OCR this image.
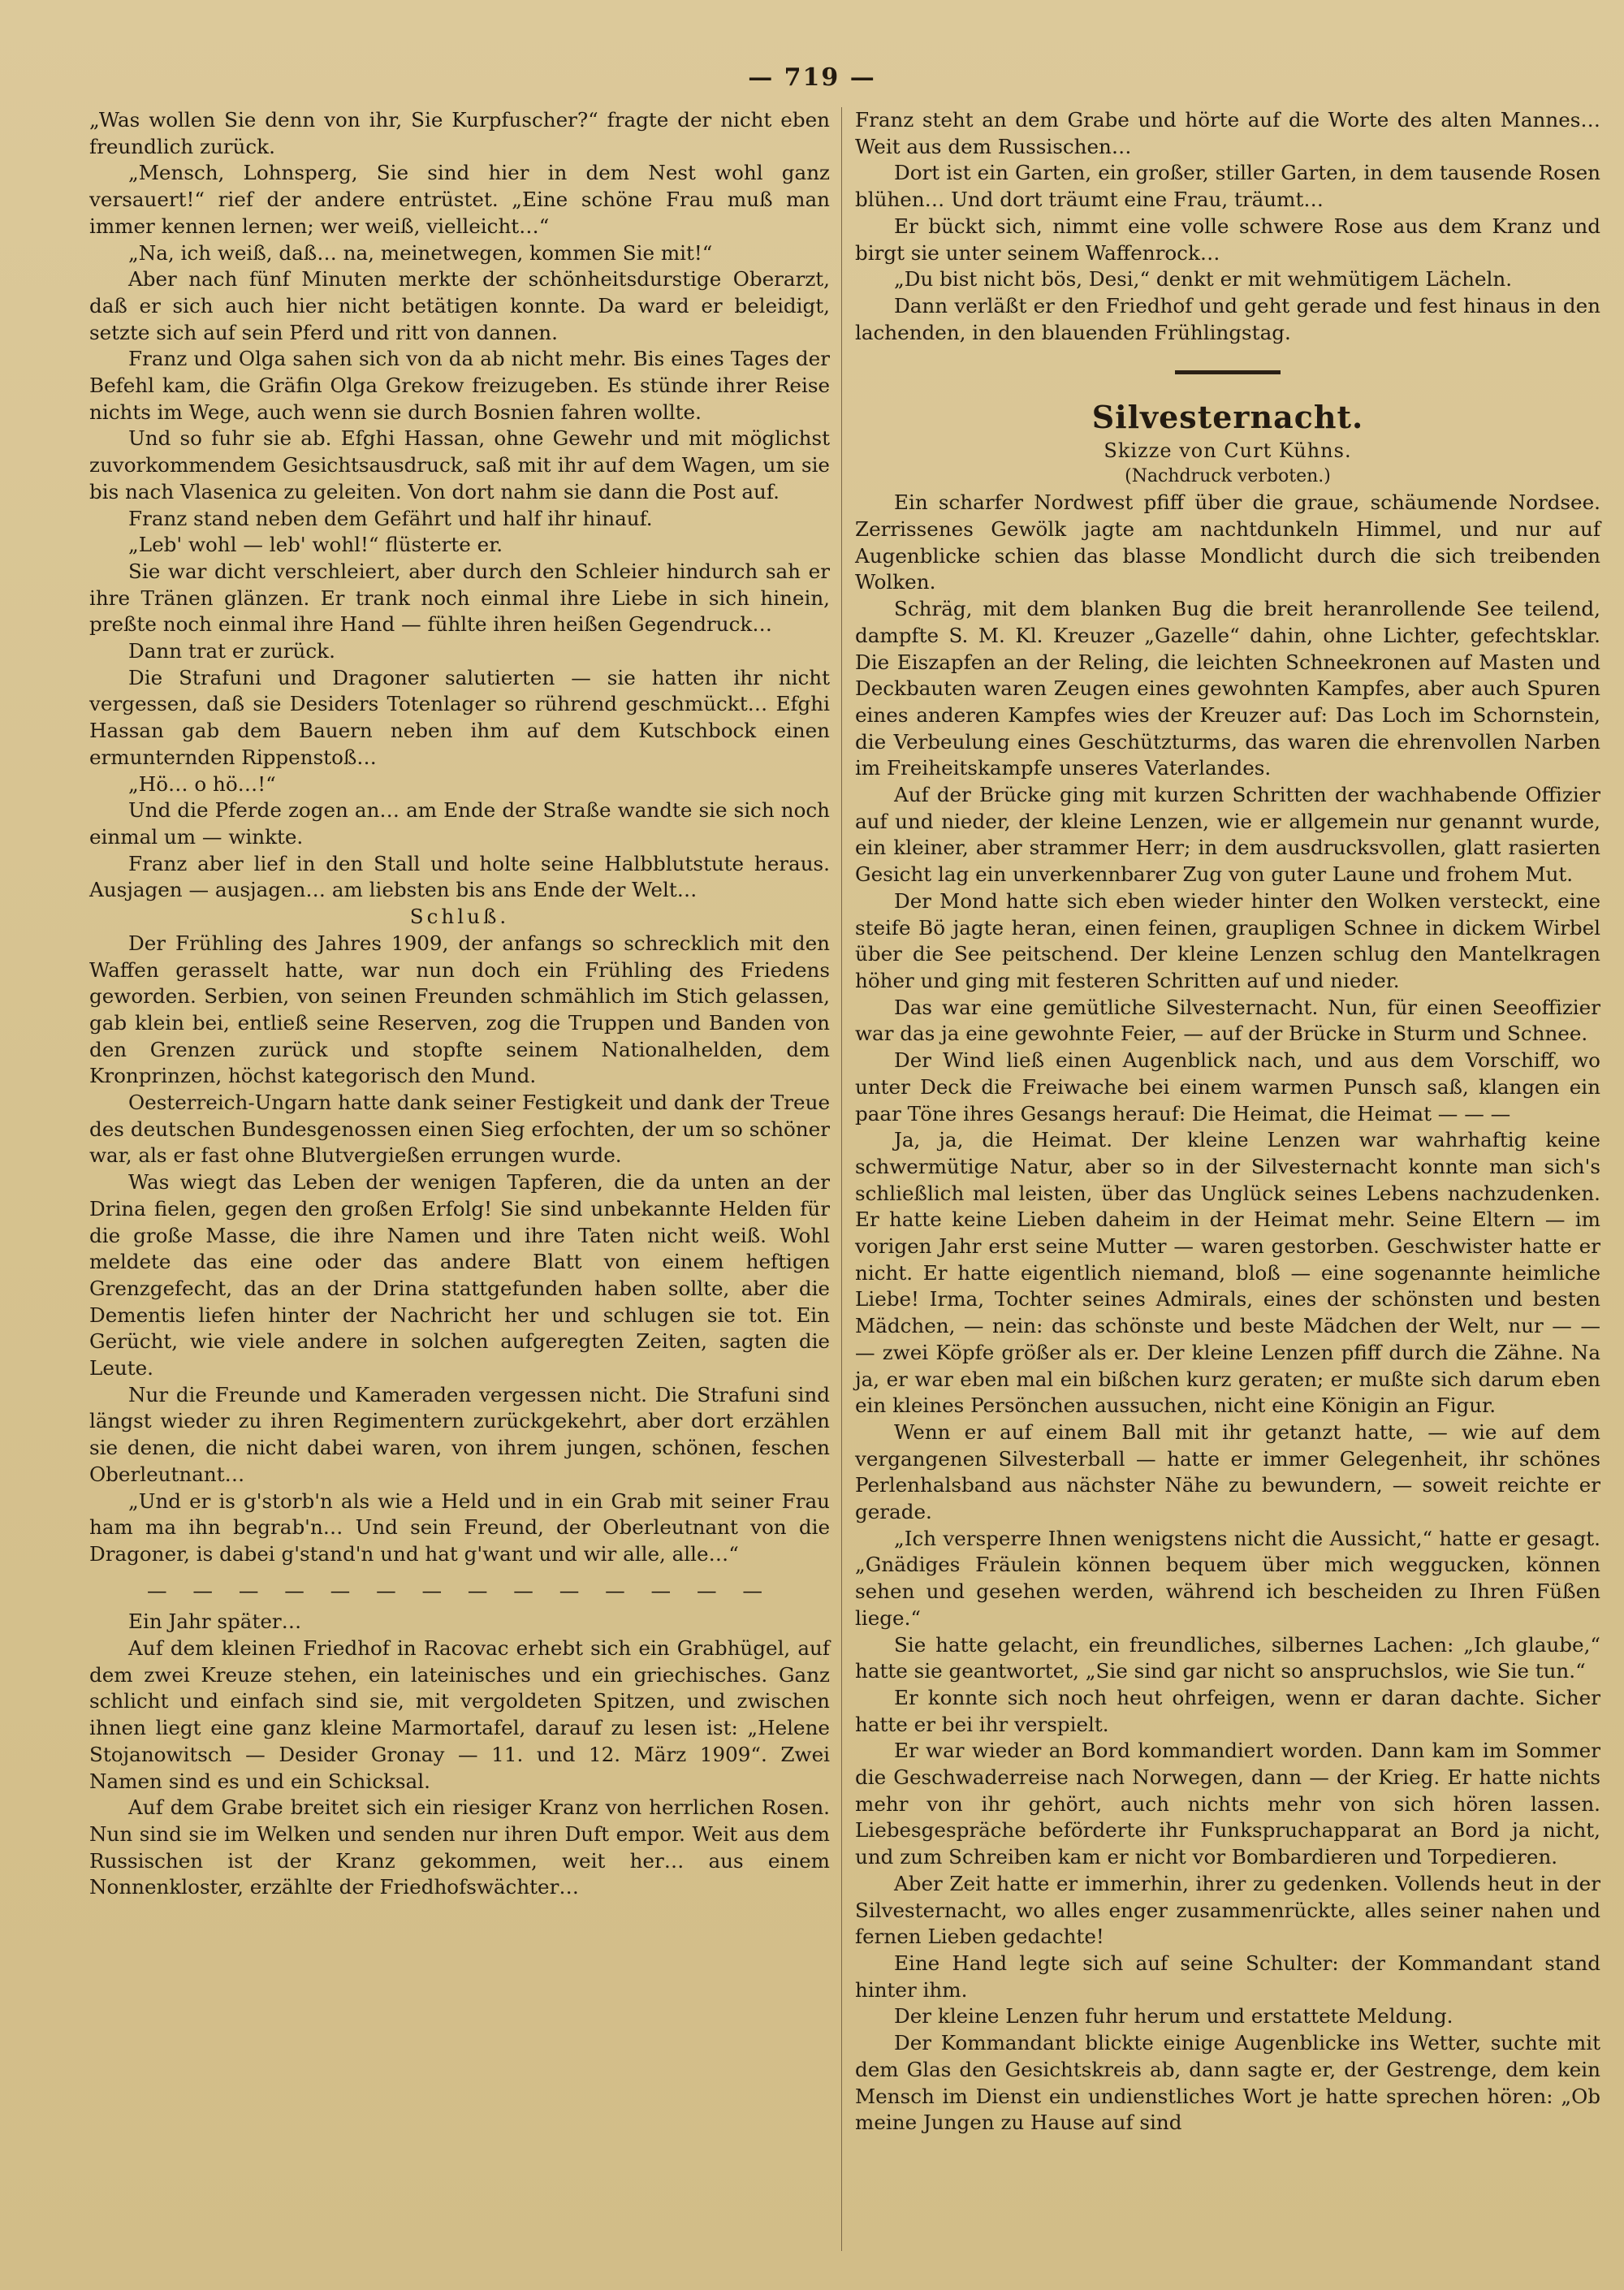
— 719 —

„Was wollen Sie denn von ihr, Sie Kurpfuscher?“ fragte der nicht eben freundlich zurück.

„Mensch, Lohnsperg, Sie sind hier in dem Nest wohl ganz versauert!“ rief der andere entrüstet. „Eine schöne Frau muß man immer kennen lernen; wer weiß, vielleicht…“

„Na, ich weiß, daß… na, meinetwegen, kommen Sie mit!“

Aber nach fünf Minuten merkte der schönheitsdurstige Oberarzt, daß er sich auch hier nicht betätigen konnte. Da ward er beleidigt, setzte sich auf sein Pferd und ritt von dannen.

Franz und Olga sahen sich von da ab nicht mehr. Bis eines Tages der Befehl kam, die Gräfin Olga Grekow freizugeben. Es stünde ihrer Reise nichts im Wege, auch wenn sie durch Bosnien fahren wollte.

Und so fuhr sie ab. Efghi Hassan, ohne Gewehr und mit möglichst zuvorkommendem Gesichtsausdruck, saß mit ihr auf dem Wagen, um sie bis nach Vlasenica zu geleiten. Von dort nahm sie dann die Post auf.

Franz stand neben dem Gefährt und half ihr hinauf.

„Leb' wohl — leb' wohl!“ flüsterte er.

Sie war dicht verschleiert, aber durch den Schleier hindurch sah er ihre Tränen glänzen. Er trank noch einmal ihre Liebe in sich hinein, preßte noch einmal ihre Hand — fühlte ihren heißen Gegendruck…

Dann trat er zurück.

Die Strafuni und Dragoner salutierten — sie hatten ihr nicht vergessen, daß sie Desiders Totenlager so rührend geschmückt… Efghi Hassan gab dem Bauern neben ihm auf dem Kutschbock einen ermunternden Rippenstoß…

„Hö… o hö…!“

Und die Pferde zogen an… am Ende der Straße wandte sie sich noch einmal um — winkte.

Franz aber lief in den Stall und holte seine Halbblutstute heraus. Ausjagen — ausjagen… am liebsten bis ans Ende der Welt…

Schluß.

Der Frühling des Jahres 1909, der anfangs so schrecklich mit den Waffen gerasselt hatte, war nun doch ein Frühling des Friedens geworden. Serbien, von seinen Freunden schmählich im Stich gelassen, gab klein bei, entließ seine Reserven, zog die Truppen und Banden von den Grenzen zurück und stopfte seinem Nationalhelden, dem Kronprinzen, höchst kategorisch den Mund.

Oesterreich-Ungarn hatte dank seiner Festigkeit und dank der Treue des deutschen Bundesgenossen einen Sieg erfochten, der um so schöner war, als er fast ohne Blutvergießen errungen wurde.

Was wiegt das Leben der wenigen Tapferen, die da unten an der Drina fielen, gegen den großen Erfolg! Sie sind unbekannte Helden für die große Masse, die ihre Namen und ihre Taten nicht weiß. Wohl meldete das eine oder das andere Blatt von einem heftigen Grenzgefecht, das an der Drina stattgefunden haben sollte, aber die Dementis liefen hinter der Nachricht her und schlugen sie tot. Ein Gerücht, wie viele andere in solchen aufgeregten Zeiten, sagten die Leute.

Nur die Freunde und Kameraden vergessen nicht. Die Strafuni sind längst wieder zu ihren Regimentern zurückgekehrt, aber dort erzählen sie denen, die nicht dabei waren, von ihrem jungen, schönen, feschen Oberleutnant…

„Und er is g'storb'n als wie a Held und in ein Grab mit seiner Frau ham ma ihn begrab'n… Und sein Freund, der Oberleutnant von die Dragoner, is dabei g'stand'n und hat g'want und wir alle, alle…“

— — — — — — — — — — — — — —

Ein Jahr später…

Auf dem kleinen Friedhof in Racovac erhebt sich ein Grabhügel, auf dem zwei Kreuze stehen, ein lateinisches und ein griechisches. Ganz schlicht und einfach sind sie, mit vergoldeten Spitzen, und zwischen ihnen liegt eine ganz kleine Marmortafel, darauf zu lesen ist: „Helene Stojanowitsch — Desider Gronay — 11. und 12. März 1909“. Zwei Namen sind es und ein Schicksal.

Auf dem Grabe breitet sich ein riesiger Kranz von herrlichen Rosen. Nun sind sie im Welken und senden nur ihren Duft empor. Weit aus dem Russischen ist der Kranz gekommen, weit her… aus einem Nonnenkloster, erzählte der Friedhofswächter…

Franz steht an dem Grabe und hörte auf die Worte des alten Mannes… Weit aus dem Russischen…

Dort ist ein Garten, ein großer, stiller Garten, in dem tausende Rosen blühen… Und dort träumt eine Frau, träumt…

Er bückt sich, nimmt eine volle schwere Rose aus dem Kranz und birgt sie unter seinem Waffenrock…

„Du bist nicht bös, Desi,“ denkt er mit wehmütigem Lächeln.

Dann verläßt er den Friedhof und geht gerade und fest hinaus in den lachenden, in den blauenden Frühlingstag.

Silvesternacht.
Skizze von Curt Kühns.
(Nachdruck verboten.)

Ein scharfer Nordwest pfiff über die graue, schäumende Nordsee. Zerrissenes Gewölk jagte am nachtdunkeln Himmel, und nur auf Augenblicke schien das blasse Mondlicht durch die sich treibenden Wolken.

Schräg, mit dem blanken Bug die breit heranrollende See teilend, dampfte S. M. Kl. Kreuzer „Gazelle“ dahin, ohne Lichter, gefechtsklar. Die Eiszapfen an der Reling, die leichten Schneekronen auf Masten und Deckbauten waren Zeugen eines gewohnten Kampfes, aber auch Spuren eines anderen Kampfes wies der Kreuzer auf: Das Loch im Schornstein, die Verbeulung eines Geschützturms, das waren die ehrenvollen Narben im Freiheitskampfe unseres Vaterlandes.

Auf der Brücke ging mit kurzen Schritten der wachhabende Offizier auf und nieder, der kleine Lenzen, wie er allgemein nur genannt wurde, ein kleiner, aber strammer Herr; in dem ausdrucksvollen, glatt rasierten Gesicht lag ein unverkennbarer Zug von guter Laune und frohem Mut.

Der Mond hatte sich eben wieder hinter den Wolken versteckt, eine steife Bö jagte heran, einen feinen, graupligen Schnee in dickem Wirbel über die See peitschend. Der kleine Lenzen schlug den Mantelkragen höher und ging mit festeren Schritten auf und nieder.

Das war eine gemütliche Silvesternacht. Nun, für einen Seeoffizier war das ja eine gewohnte Feier, — auf der Brücke in Sturm und Schnee.

Der Wind ließ einen Augenblick nach, und aus dem Vorschiff, wo unter Deck die Freiwache bei einem warmen Punsch saß, klangen ein paar Töne ihres Gesangs herauf: Die Heimat, die Heimat — — —

Ja, ja, die Heimat. Der kleine Lenzen war wahrhaftig keine schwermütige Natur, aber so in der Silvesternacht konnte man sich's schließlich mal leisten, über das Unglück seines Lebens nachzudenken. Er hatte keine Lieben daheim in der Heimat mehr. Seine Eltern — im vorigen Jahr erst seine Mutter — waren gestorben. Geschwister hatte er nicht. Er hatte eigentlich niemand, bloß — eine sogenannte heimliche Liebe! Irma, Tochter seines Admirals, eines der schönsten und besten Mädchen, — nein: das schönste und beste Mädchen der Welt, nur — — — zwei Köpfe größer als er. Der kleine Lenzen pfiff durch die Zähne. Na ja, er war eben mal ein bißchen kurz geraten; er mußte sich darum eben ein kleines Persönchen aussuchen, nicht eine Königin an Figur.

Wenn er auf einem Ball mit ihr getanzt hatte, — wie auf dem vergangenen Silvesterball — hatte er immer Gelegenheit, ihr schönes Perlenhalsband aus nächster Nähe zu bewundern, — soweit reichte er gerade.

„Ich versperre Ihnen wenigstens nicht die Aussicht,“ hatte er gesagt. „Gnädiges Fräulein können bequem über mich weggucken, können sehen und gesehen werden, während ich bescheiden zu Ihren Füßen liege.“

Sie hatte gelacht, ein freundliches, silbernes Lachen: „Ich glaube,“ hatte sie geantwortet, „Sie sind gar nicht so anspruchslos, wie Sie tun.“

Er konnte sich noch heut ohrfeigen, wenn er daran dachte. Sicher hatte er bei ihr verspielt.

Er war wieder an Bord kommandiert worden. Dann kam im Sommer die Geschwaderreise nach Norwegen, dann — der Krieg. Er hatte nichts mehr von ihr gehört, auch nichts mehr von sich hören lassen. Liebesgespräche beförderte ihr Funkspruchapparat an Bord ja nicht, und zum Schreiben kam er nicht vor Bombardieren und Torpedieren.

Aber Zeit hatte er immerhin, ihrer zu gedenken. Vollends heut in der Silvesternacht, wo alles enger zusammenrückte, alles seiner nahen und fernen Lieben gedachte!

Eine Hand legte sich auf seine Schulter: der Kommandant stand hinter ihm.

Der kleine Lenzen fuhr herum und erstattete Meldung.

Der Kommandant blickte einige Augenblicke ins Wetter, suchte mit dem Glas den Gesichtskreis ab, dann sagte er, der Gestrenge, dem kein Mensch im Dienst ein undienstliches Wort je hatte sprechen hören: „Ob meine Jungen zu Hause auf sind
